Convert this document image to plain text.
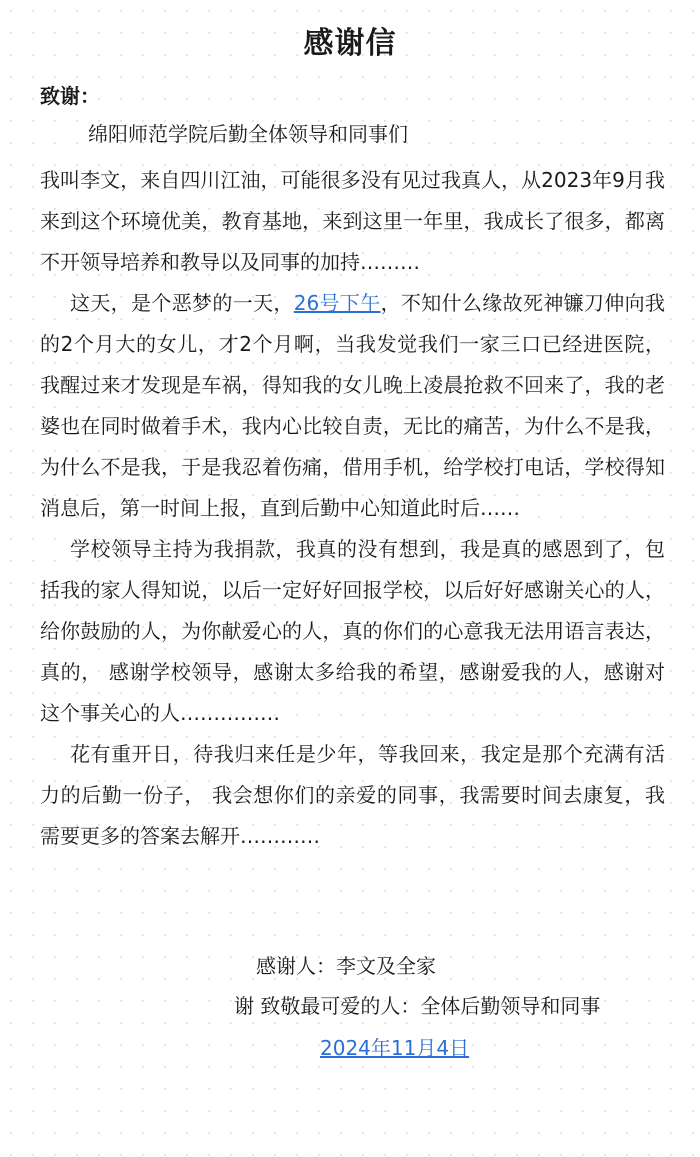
感谢信
致谢：
绵阳师范学院后勤全体领导和同事们

我叫李文，来自四川江油，可能很多没有见过我真人，从2023年9月我来到这个环境优美，教育基地，来到这里一年里，我成长了很多，都离不开领导培养和教导以及同事的加持………

这天，是个恶梦的一天，26号下午，不知什么缘故死神镰刀伸向我的2个月大的女儿，才2个月啊，当我发觉我们一家三口已经进医院，我醒过来才发现是车祸，得知我的女儿晚上凌晨抢救不回来了，我的老婆也在同时做着手术，我内心比较自责，无比的痛苦，为什么不是我，为什么不是我，于是我忍着伤痛，借用手机，给学校打电话，学校得知消息后，第一时间上报，直到后勤中心知道此时后……

学校领导主持为我捐款，我真的没有想到，我是真的感恩到了，包括我的家人得知说，以后一定好好回报学校，以后好好感谢关心的人，给你鼓励的人，为你献爱心的人，真的你们的心意我无法用语言表达，真的， 感谢学校领导，感谢太多给我的希望，感谢爱我的人，感谢对这个事关心的人……………

花有重开日，待我归来任是少年，等我回来，我定是那个充满有活力的后勤一份子， 我会想你们的亲爱的同事，我需要时间去康复，我需要更多的答案去解开…………

感谢人：李文及全家
谢 致敬最可爱的人：全体后勤领导和同事
2024年11月4日
